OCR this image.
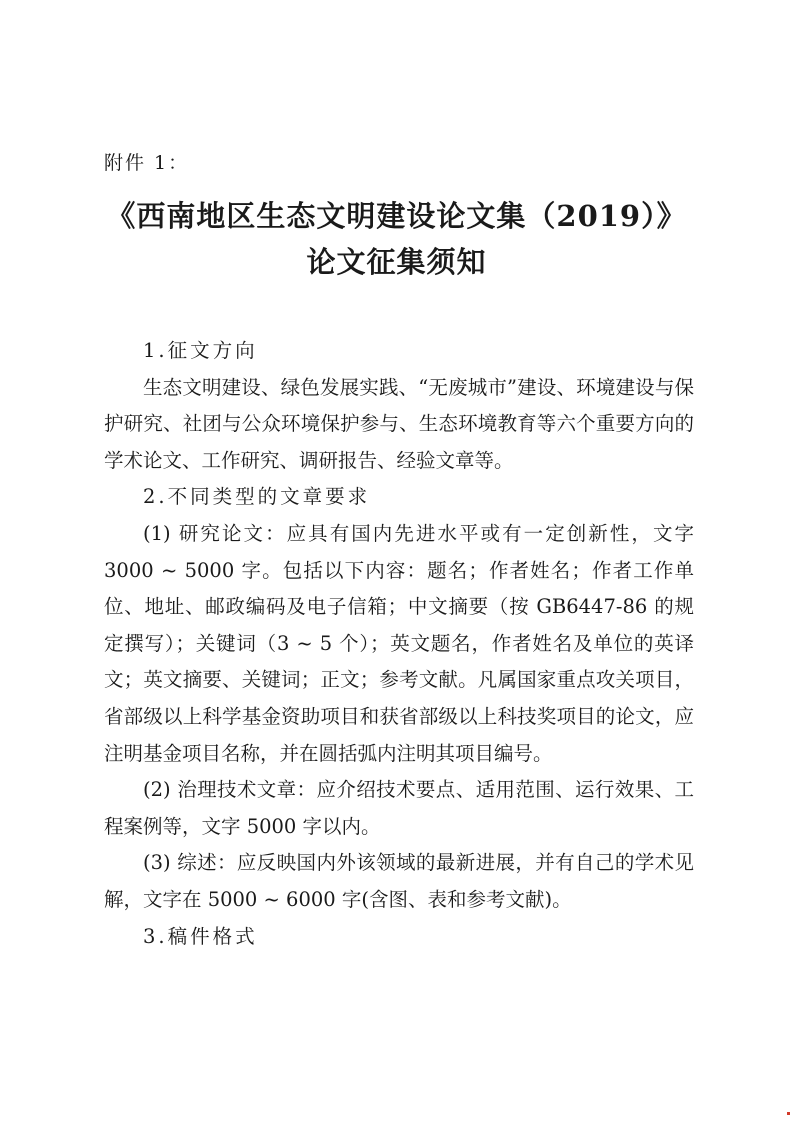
附件 1：
《西南地区生态文明建设论文集（2019）》
论文征集须知

1.征文方向

生态文明建设、绿色发展实践、“无废城市”建设、环境建设与保护研究、社团与公众环境保护参与、生态环境教育等六个重要方向的学术论文、工作研究、调研报告、经验文章等。

2.不同类型的文章要求

(1) 研究论文：应具有国内先进水平或有一定创新性，文字3000 ~ 5000 字。包括以下内容：题名；作者姓名；作者工作单位、地址、邮政编码及电子信箱；中文摘要（按 GB6447-86 的规定撰写）；关键词（3 ~ 5 个）；英文题名，作者姓名及单位的英译文；英文摘要、关键词；正文；参考文献。凡属国家重点攻关项目，省部级以上科学基金资助项目和获省部级以上科技奖项目的论文，应注明基金项目名称，并在圆括弧内注明其项目编号。

(2) 治理技术文章：应介绍技术要点、适用范围、运行效果、工程案例等，文字 5000 字以内。

(3) 综述：应反映国内外该领域的最新进展，并有自己的学术见解，文字在 5000 ~ 6000 字(含图、表和参考文献)。

3.稿件格式
